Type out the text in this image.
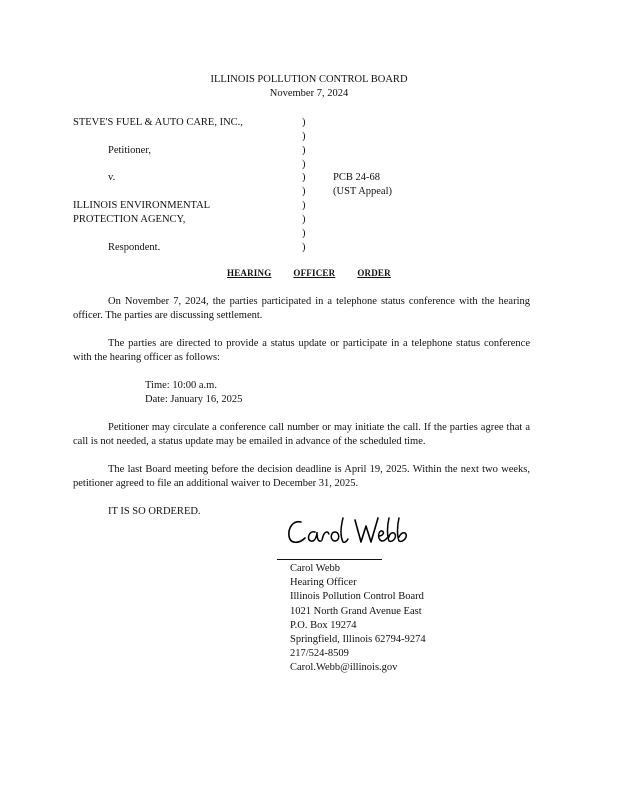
ILLINOIS POLLUTION CONTROL BOARD
November 7, 2024
STEVE'S FUEL & AUTO CARE, INC.,
Petitioner,
v.
ILLINOIS ENVIRONMENTAL
PROTECTION AGENCY,
Respondent.
)
)
)
)
)
)
)
)
)
)
PCB 24-68
(UST Appeal)
HEARING OFFICER ORDER
On November 7, 2024, the parties participated in a telephone status conference with the hearing officer. The parties are discussing settlement.
The parties are directed to provide a status update or participate in a telephone status conference with the hearing officer as follows:
Time: 10:00 a.m.
Date: January 16, 2025
Petitioner may circulate a conference call number or may initiate the call. If the parties agree that a call is not needed, a status update may be emailed in advance of the scheduled time.
The last Board meeting before the decision deadline is April 19, 2025. Within the next two weeks, petitioner agreed to file an additional waiver to December 31, 2025.
IT IS SO ORDERED.
Carol Webb
Hearing Officer
Illinois Pollution Control Board
1021 North Grand Avenue East
P.O. Box 19274
Springfield, Illinois 62794-9274
217/524-8509
Carol.Webb@illinois.gov
